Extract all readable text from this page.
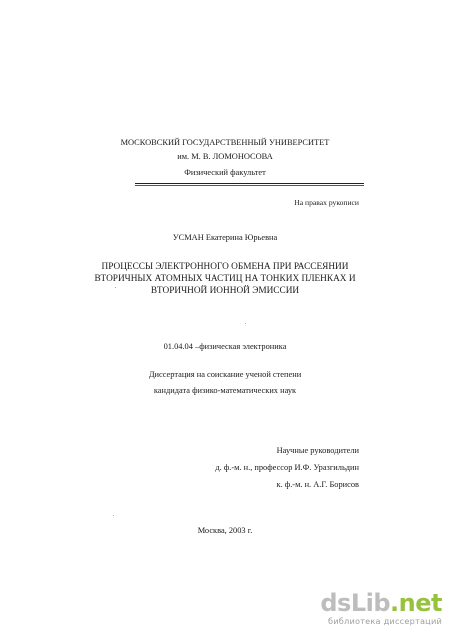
МОСКОВСКИЙ ГОСУДАРСТВЕННЫЙ УНИВЕРСИТЕТ
им. М. В. ЛОМОНОСОВА
Физический факультет
На правах рукописи
УСМАН Екатерина Юрьевна
ПРОЦЕССЫ ЭЛЕКТРОННОГО ОБМЕНА ПРИ РАССЕЯНИИ
ВТОРИЧНЫХ АТОМНЫХ ЧАСТИЦ НА ТОНКИХ ПЛЕНКАХ И
ВТОРИЧНОЙ ИОННОЙ ЭМИССИИ
01.04.04 –физическая электроника
Диссертация на соискание ученой степени
кандидата физико-математических наук
Научные руководители
д. ф.-м. н., профессор И.Ф. Уразгильдин
к. ф.-м. н. А.Г. Борисов
Москва, 2003 г.
dsLib.net
библиотека диссертаций
